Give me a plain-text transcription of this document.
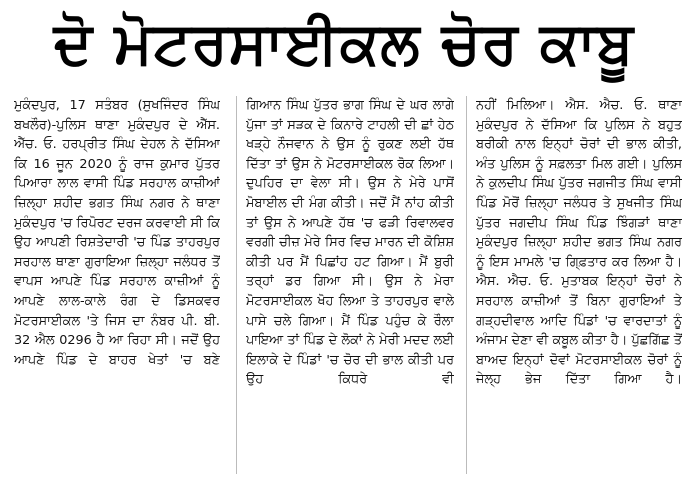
ਦੋ ਮੋਟਰਸਾਈਕਲ ਚੋਰ ਕਾਬੂ

ਮੁਕੰਦਪੁਰ, 17 ਸਤੰਬਰ (ਸੁਖਜਿੰਦਰ ਸਿੰਘ ਬਖਲੌਰ)-ਪੁਲਿਸ ਥਾਣਾ ਮੁਕੰਦਪੁਰ ਦੇ ਐੱਸ. ਐੱਚ. ਓ. ਹਰਪ੍ਰੀਤ ਸਿੰਘ ਦੇਹਲ ਨੇ ਦੱਸਿਆ ਕਿ 16 ਜੂਨ 2020 ਨੂੰ ਰਾਜ ਕੁਮਾਰ ਪੁੱਤਰ ਪਿਆਰਾ ਲਾਲ ਵਾਸੀ ਪਿੰਡ ਸਰਹਾਲ ਕਾਜ਼ੀਆਂ ਜ਼ਿਲ੍ਹਾ ਸ਼ਹੀਦ ਭਗਤ ਸਿੰਘ ਨਗਰ ਨੇ ਥਾਣਾ ਮੁਕੰਦਪੁਰ 'ਚ ਰਿਪੋਰਟ ਦਰਜ ਕਰਵਾਈ ਸੀ ਕਿ ਉਹ ਆਪਣੀ ਰਿਸ਼ਤੇਦਾਰੀ 'ਚ ਪਿੰਡ ਤਾਹਰਪੁਰ ਸਰਹਾਲ ਥਾਣਾ ਗੁਰਾਇਆ ਜ਼ਿਲ੍ਹਾ ਜਲੰਧਰ ਤੋਂ ਵਾਪਸ ਆਪਣੇ ਪਿੰਡ ਸਰਹਾਲ ਕਾਜ਼ੀਆਂ ਨੂੰ ਆਪਣੇ ਲਾਲ-ਕਾਲੇ ਰੰਗ ਦੇ ਡਿਸਕਵਰ ਮੋਟਰਸਾਈਕਲ 'ਤੇ ਜਿਸ ਦਾ ਨੰਬਰ ਪੀ. ਬੀ. 32 ਐਲ 0296 ਹੈ ਆ ਰਿਹਾ ਸੀ। ਜਦੋਂ ਉਹ ਆਪਣੇ ਪਿੰਡ ਦੇ ਬਾਹਰ ਖੇਤਾਂ 'ਚ ਬਣੇ

ਗਿਆਨ ਸਿੰਘ ਪੁੱਤਰ ਭਾਗ ਸਿੰਘ ਦੇ ਘਰ ਲਾਗੇ ਪੁੱਜਾ ਤਾਂ ਸੜਕ ਦੇ ਕਿਨਾਰੇ ਟਾਹਲੀ ਦੀ ਛਾਂ ਹੇਠ ਖੜ੍ਹੇ ਨੌਜਵਾਨ ਨੇ ਉਸ ਨੂੰ ਰੁਕਣ ਲਈ ਹੱਥ ਦਿੱਤਾ ਤਾਂ ਉਸ ਨੇ ਮੋਟਰਸਾਈਕਲ ਰੋਕ ਲਿਆ। ਦੁਪਹਿਰ ਦਾ ਵੇਲਾ ਸੀ। ਉਸ ਨੇ ਮੇਰੇ ਪਾਸੋਂ ਮੋਬਾਈਲ ਦੀ ਮੰਗ ਕੀਤੀ। ਜਦੋਂ ਮੈਂ ਨਾਂਹ ਕੀਤੀ ਤਾਂ ਉਸ ਨੇ ਆਪਣੇ ਹੱਥ 'ਚ ਫੜੀ ਰਿਵਾਲਵਰ ਵਰਗੀ ਚੀਜ਼ ਮੇਰੇ ਸਿਰ ਵਿਚ ਮਾਰਨ ਦੀ ਕੋਸ਼ਿਸ਼ ਕੀਤੀ ਪਰ ਮੈਂ ਪਿਛਾਂਹ ਹਟ ਗਿਆ। ਮੈਂ ਬੁਰੀ ਤਰ੍ਹਾਂ ਡਰ ਗਿਆ ਸੀ। ਉਸ ਨੇ ਮੇਰਾ ਮੋਟਰਸਾਈਕਲ ਖੋਹ ਲਿਆ ਤੇ ਤਾਹਰਪੁਰ ਵਾਲੇ ਪਾਸੇ ਚਲੇ ਗਿਆ। ਮੈਂ ਪਿੰਡ ਪਹੁੰਚ ਕੇ ਰੌਲਾ ਪਾਇਆ ਤਾਂ ਪਿੰਡ ਦੇ ਲੋਕਾਂ ਨੇ ਮੇਰੀ ਮਦਦ ਲਈ ਇਲਾਕੇ ਦੇ ਪਿੰਡਾਂ 'ਚ ਚੋਰ ਦੀ ਭਾਲ ਕੀਤੀ ਪਰ ਉਹ ਕਿਧਰੇ ਵੀ

ਨਹੀਂ ਮਿਲਿਆ। ਐਸ. ਐਚ. ਓ. ਥਾਣਾ ਮੁਕੰਦਪੁਰ ਨੇ ਦੱਸਿਆ ਕਿ ਪੁਲਿਸ ਨੇ ਬਹੁਤ ਬਰੀਕੀ ਨਾਲ ਇਨ੍ਹਾਂ ਚੋਰਾਂ ਦੀ ਭਾਲ ਕੀਤੀ, ਅੰਤ ਪੁਲਿਸ ਨੂੰ ਸਫ਼ਲਤਾ ਮਿਲ ਗਈ। ਪੁਲਿਸ ਨੇ ਕੁਲਦੀਪ ਸਿੰਘ ਪੁੱਤਰ ਜਗਜੀਤ ਸਿੰਘ ਵਾਸੀ ਪਿੰਡ ਮੋਰੋਂ ਜ਼ਿਲ੍ਹਾ ਜਲੰਧਰ ਤੇ ਸੁਖਜੀਤ ਸਿੰਘ ਪੁੱਤਰ ਜਗਦੀਪ ਸਿੰਘ ਪਿੰਡ ਝਿੰਗੜਾਂ ਥਾਣਾ ਮੁਕੰਦਪੁਰ ਜ਼ਿਲ੍ਹਾ ਸ਼ਹੀਦ ਭਗਤ ਸਿੰਘ ਨਗਰ ਨੂੰ ਇਸ ਮਾਮਲੇ 'ਚ ਗਿ੍ਫ਼ਤਾਰ ਕਰ ਲਿਆ ਹੈ। ਐਸ. ਐਚ. ਓ. ਮੁਤਾਬਕ ਇਨ੍ਹਾਂ ਚੋਰਾਂ ਨੇ ਸਰਹਾਲ ਕਾਜ਼ੀਆਂ ਤੋਂ ਬਿਨਾ ਗੁਰਾਇਆਂ ਤੇ ਗੜ੍ਹਦੀਵਾਲ ਆਦਿ ਪਿੰਡਾਂ 'ਚ ਵਾਰਦਾਤਾਂ ਨੂੰ ਅੰਜਾਮ ਦੇਣਾ ਵੀ ਕਬੂਲ ਕੀਤਾ ਹੈ। ਪੁੱਛਗਿੱਛ ਤੋਂ ਬਾਅਦ ਇਨ੍ਹਾਂ ਦੋਵਾਂ ਮੋਟਰਸਾਈਕਲ ਚੋਰਾਂ ਨੂੰ ਜੇਲ੍ਹ ਭੇਜ ਦਿੱਤਾ ਗਿਆ ਹੈ।
